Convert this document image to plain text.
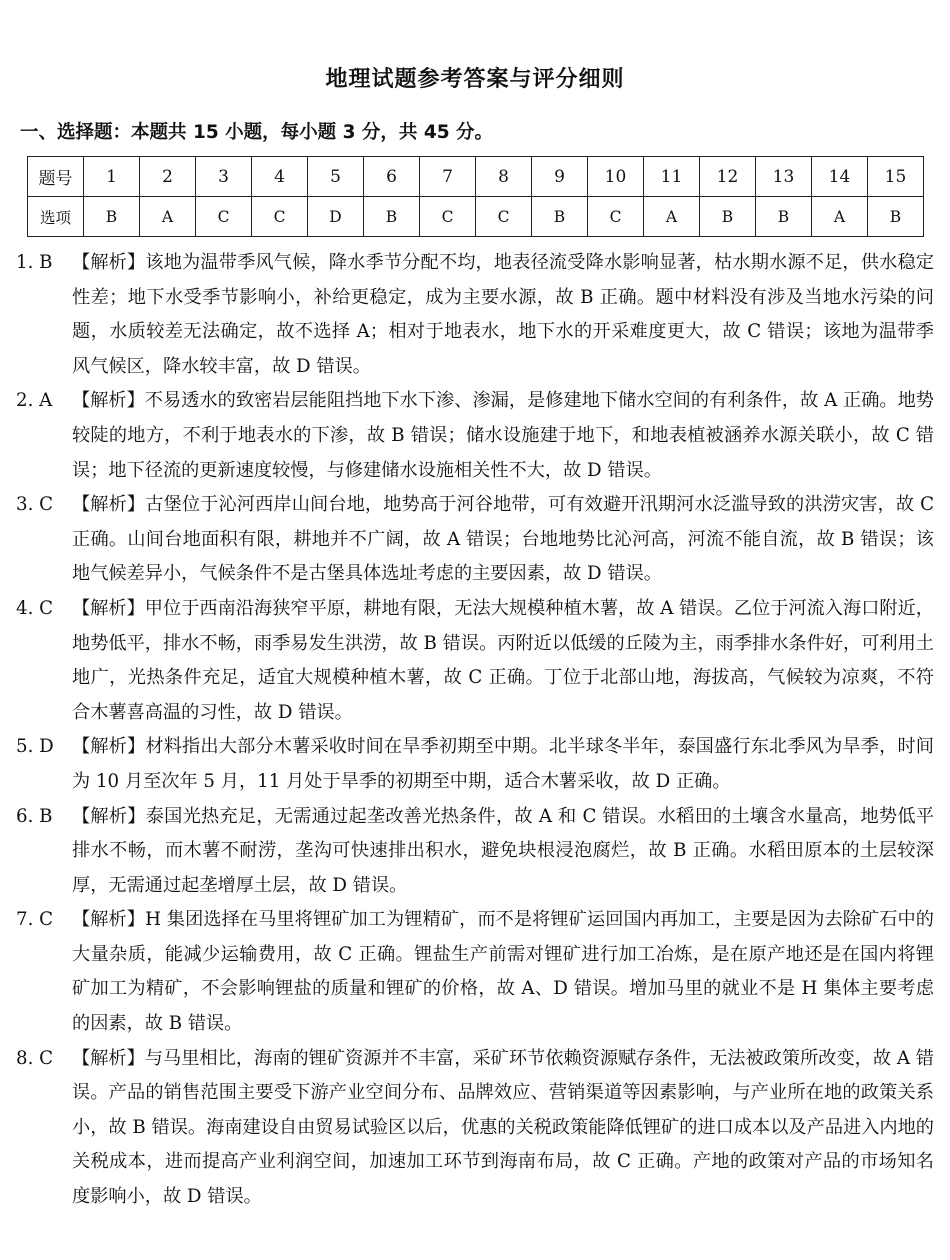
地理试题参考答案与评分细则
一、选择题：本题共 15 小题，每小题 3 分，共 45 分。
题号	1	2	3	4	5	6	7	8	9	10	11	12	13	14	15
选项	B	A	C	C	D	B	C	C	B	C	A	B	B	A	B
1. B	【解析】该地为温带季风气候，降水季节分配不均，地表径流受降水影响显著，枯水期水源不足，供水稳定性差；地下水受季节影响小，补给更稳定，成为主要水源，故 B 正确。题中材料没有涉及当地水污染的问题，水质较差无法确定，故不选择 A；相对于地表水，地下水的开采难度更大，故 C 错误；该地为温带季风气候区，降水较丰富，故 D 错误。
2. A	【解析】不易透水的致密岩层能阻挡地下水下渗、渗漏，是修建地下储水空间的有利条件，故 A 正确。地势较陡的地方，不利于地表水的下渗，故 B 错误；储水设施建于地下，和地表植被涵养水源关联小，故 C 错误；地下径流的更新速度较慢，与修建储水设施相关性不大，故 D 错误。
3. C	【解析】古堡位于沁河西岸山间台地，地势高于河谷地带，可有效避开汛期河水泛滥导致的洪涝灾害，故 C 正确。山间台地面积有限，耕地并不广阔，故 A 错误；台地地势比沁河高，河流不能自流，故 B 错误；该地气候差异小，气候条件不是古堡具体选址考虑的主要因素，故 D 错误。
4. C	【解析】甲位于西南沿海狭窄平原，耕地有限，无法大规模种植木薯，故 A 错误。乙位于河流入海口附近，地势低平，排水不畅，雨季易发生洪涝，故 B 错误。丙附近以低缓的丘陵为主，雨季排水条件好，可利用土地广，光热条件充足，适宜大规模种植木薯，故 C 正确。丁位于北部山地，海拔高，气候较为凉爽，不符合木薯喜高温的习性，故 D 错误。
5. D	【解析】材料指出大部分木薯采收时间在旱季初期至中期。北半球冬半年，泰国盛行东北季风为旱季，时间为 10 月至次年 5 月，11 月处于旱季的初期至中期，适合木薯采收，故 D 正确。
6. B	【解析】泰国光热充足，无需通过起垄改善光热条件，故 A 和 C 错误。水稻田的土壤含水量高，地势低平排水不畅，而木薯不耐涝，垄沟可快速排出积水，避免块根浸泡腐烂，故 B 正确。水稻田原本的土层较深厚，无需通过起垄增厚土层，故 D 错误。
7. C	【解析】H 集团选择在马里将锂矿加工为锂精矿，而不是将锂矿运回国内再加工，主要是因为去除矿石中的大量杂质，能减少运输费用，故 C 正确。锂盐生产前需对锂矿进行加工冶炼，是在原产地还是在国内将锂矿加工为精矿，不会影响锂盐的质量和锂矿的价格，故 A、D 错误。增加马里的就业不是 H 集体主要考虑的因素，故 B 错误。
8. C	【解析】与马里相比，海南的锂矿资源并不丰富，采矿环节依赖资源赋存条件，无法被政策所改变，故 A 错误。产品的销售范围主要受下游产业空间分布、品牌效应、营销渠道等因素影响，与产业所在地的政策关系小，故 B 错误。海南建设自由贸易试验区以后，优惠的关税政策能降低锂矿的进口成本以及产品进入内地的关税成本，进而提高产业利润空间，加速加工环节到海南布局，故 C 正确。产地的政策对产品的市场知名度影响小，故 D 错误。
